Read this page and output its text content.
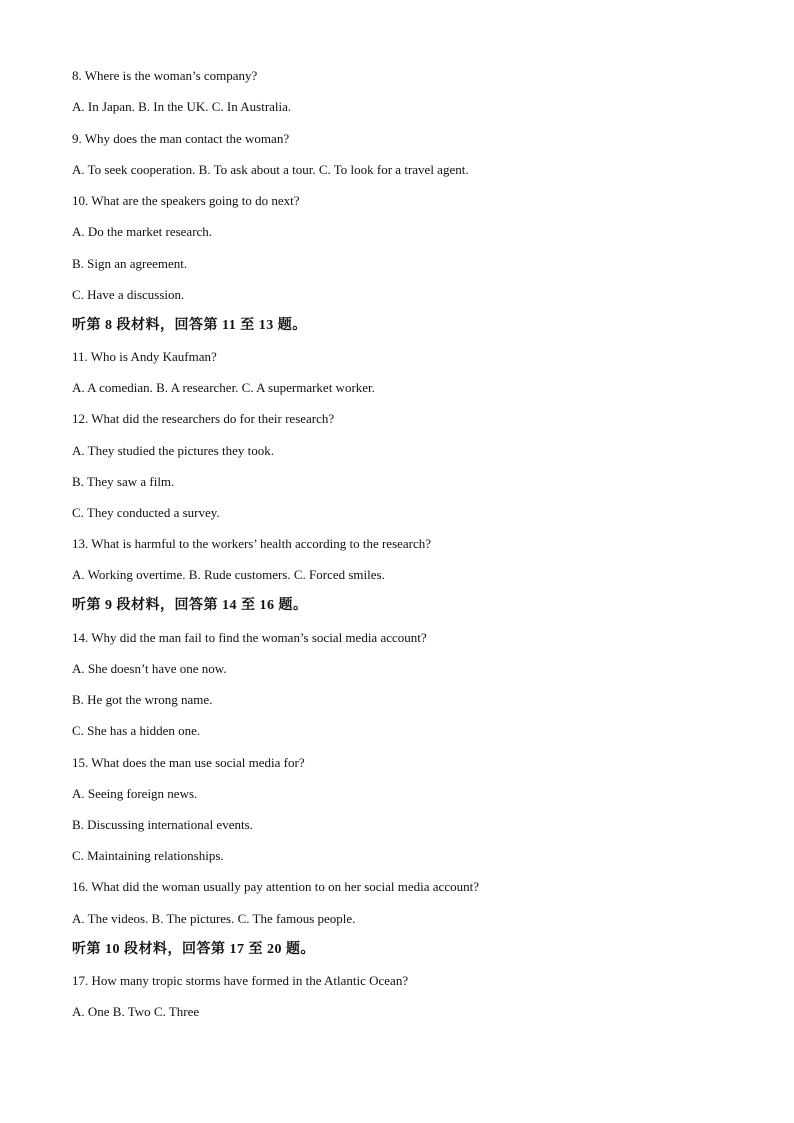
8. Where is the woman’s company?
A. In Japan. B. In the UK. C. In Australia.
9. Why does the man contact the woman?
A. To seek cooperation. B. To ask about a tour. C. To look for a travel agent.
10. What are the speakers going to do next?
A. Do the market research.
B. Sign an agreement.
C. Have a discussion.
听第 8 段材料，回答第 11 至 13 题。
11. Who is Andy Kaufman?
A. A comedian. B. A researcher. C. A supermarket worker.
12. What did the researchers do for their research?
A. They studied the pictures they took.
B. They saw a film.
C. They conducted a survey.
13. What is harmful to the workers’ health according to the research?
A. Working overtime. B. Rude customers. C. Forced smiles.
听第 9 段材料，回答第 14 至 16 题。
14. Why did the man fail to find the woman’s social media account?
A. She doesn’t have one now.
B. He got the wrong name.
C. She has a hidden one.
15. What does the man use social media for?
A. Seeing foreign news.
B. Discussing international events.
C. Maintaining relationships.
16. What did the woman usually pay attention to on her social media account?
A. The videos. B. The pictures. C. The famous people.
听第 10 段材料，回答第 17 至 20 题。
17. How many tropic storms have formed in the Atlantic Ocean?
A. One B. Two C. Three
